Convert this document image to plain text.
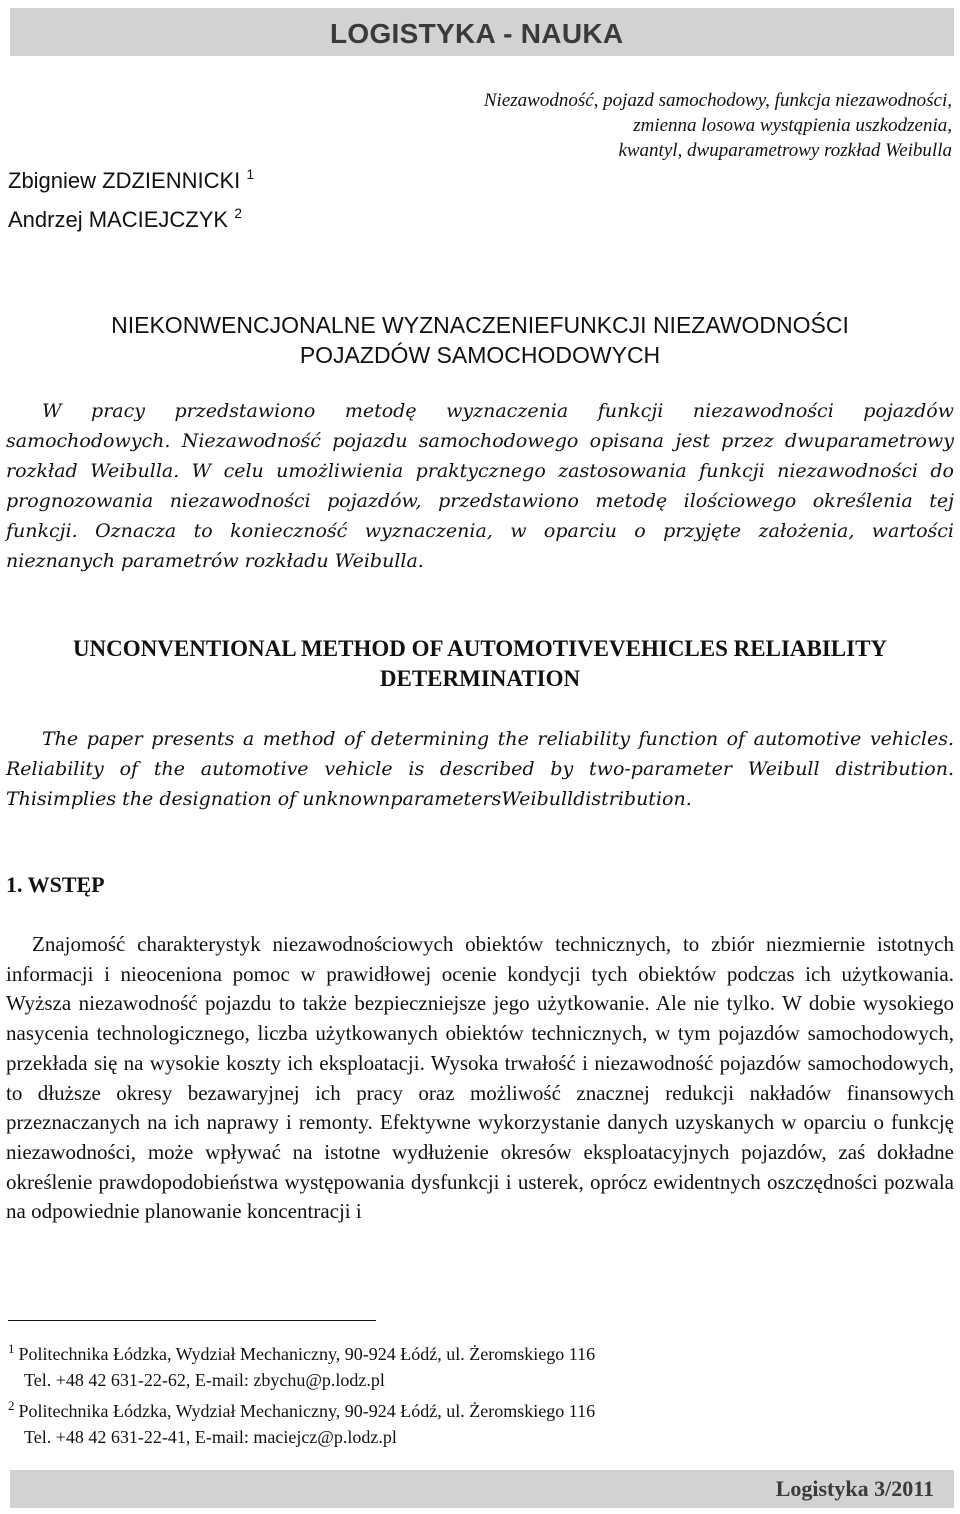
LOGISTYKA - NAUKA
Niezawodność, pojazd samochodowy, funkcja niezawodności,
zmienna losowa wystąpienia uszkodzenia,
kwantyl, dwuparametrowy rozkład Weibulla
Zbigniew ZDZIENNICKI $^1$
Andrzej MACIEJCZYK $^2$
NIEKONWENCJONALNE WYZNACZENIEFUNKCJI NIEZAWODNOŚCI
POJAZDÓW SAMOCHODOWYCH

W pracy przedstawiono metodę wyznaczenia funkcji niezawodności pojazdów samochodowych. Niezawodność pojazdu samochodowego opisana jest przez dwuparametrowy rozkład Weibulla. W celu umożliwienia praktycznego zastosowania funkcji niezawodności do prognozowania niezawodności pojazdów, przedstawiono metodę ilościowego określenia tej funkcji. Oznacza to konieczność wyznaczenia, w oparciu o przyjęte założenia, wartości nieznanych parametrów rozkładu Weibulla.

UNCONVENTIONAL METHOD OF AUTOMOTIVEVEHICLES RELIABILITY
DETERMINATION

The paper presents a method of determining the reliability function of automotive vehicles. Reliability of the automotive vehicle is described by two-parameter Weibull distribution. Thisimplies the designation of unknownparametersWeibulldistribution.

1. WSTĘP

Znajomość charakterystyk niezawodnościowych obiektów technicznych, to zbiór niezmiernie istotnych informacji i nieoceniona pomoc w prawidłowej ocenie kondycji tych obiektów podczas ich użytkowania. Wyższa niezawodność pojazdu to także bezpieczniejsze jego użytkowanie. Ale nie tylko. W dobie wysokiego nasycenia technologicznego, liczba użytkowanych obiektów technicznych, w tym pojazdów samochodowych, przekłada się na wysokie koszty ich eksploatacji. Wysoka trwałość i niezawodność pojazdów samochodowych, to dłuższe okresy bezawaryjnej ich pracy oraz możliwość znacznej redukcji nakładów finansowych przeznaczanych na ich naprawy i remonty. Efektywne wykorzystanie danych uzyskanych w oparciu o funkcję niezawodności, może wpływać na istotne wydłużenie okresów eksploatacyjnych pojazdów, zaś dokładne określenie prawdopodobieństwa występowania dysfunkcji i usterek, oprócz ewidentnych oszczędności pozwala na odpowiednie planowanie koncentracji i

$^1$ Politechnika Łódzka, Wydział Mechaniczny, 90-924 Łódź, ul. Żeromskiego 116

Tel. +48 42 631-22-62, E-mail: zbychu@p.lodz.pl

$^2$ Politechnika Łódzka, Wydział Mechaniczny, 90-924 Łódź, ul. Żeromskiego 116

Tel. +48 42 631-22-41, E-mail: maciejcz@p.lodz.pl

Logistyka 3/2011
